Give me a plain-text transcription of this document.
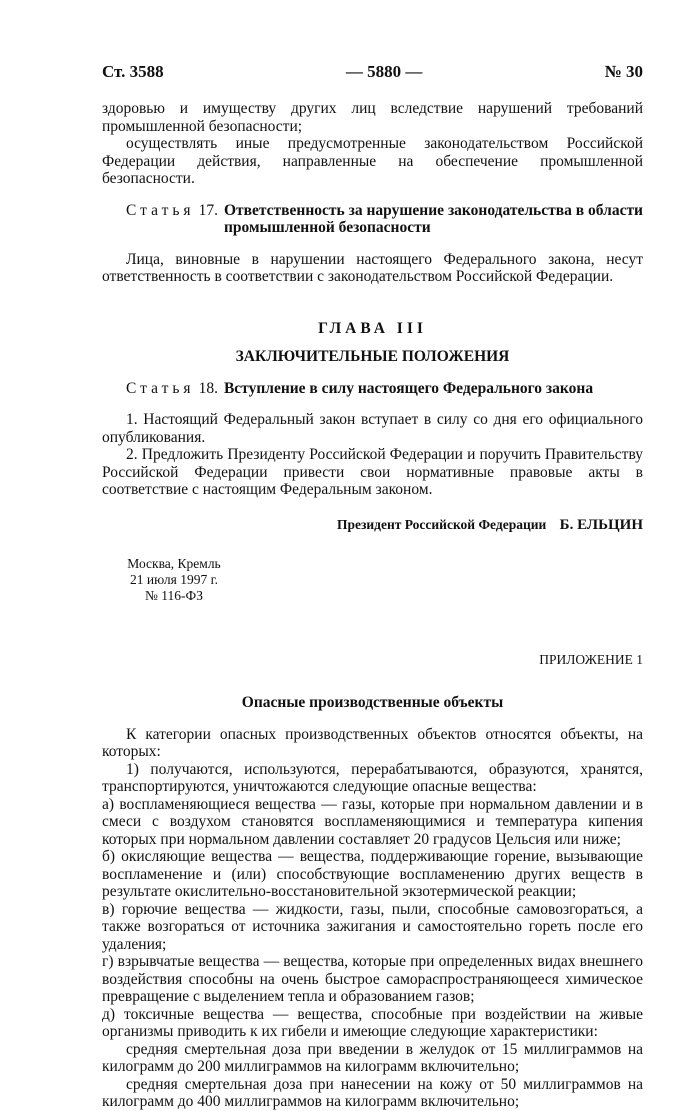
Ст. 3588	— 5880 —	№ 30

здоровью и имуществу других лиц вследствие нарушений требований промышленной безопасности;

осуществлять иные предусмотренные законодательством Российской Федерации действия, направленные на обеспечение промышленной безопасности.

Статья 17. Ответственность за нарушение законодательства в области промышленной безопасности

Лица, виновные в нарушении настоящего Федерального закона, несут ответственность в соответствии с законодательством Российской Федерации.

ГЛАВА III
ЗАКЛЮЧИТЕЛЬНЫЕ ПОЛОЖЕНИЯ
Статья 18. Вступление в силу настоящего Федерального закона

1. Настоящий Федеральный закон вступает в силу со дня его официального опубликования.

2. Предложить Президенту Российской Федерации и поручить Правительству Российской Федерации привести свои нормативные правовые акты в соответствие с настоящим Федеральным законом.

Президент Российской Федерации Б. ЕЛЬЦИН
Москва, Кремль
21 июля 1997 г.
№ 116-ФЗ
ПРИЛОЖЕНИЕ 1
Опасные производственные объекты

К категории опасных производственных объектов относятся объекты, на которых:

1) получаются, используются, перерабатываются, образуются, хранятся, транспортируются, уничтожаются следующие опасные вещества:

а) воспламеняющиеся вещества — газы, которые при нормальном давлении и в смеси с воздухом становятся воспламеняющимися и температура кипения которых при нормальном давлении составляет 20 градусов Цельсия или ниже;

б) окисляющие вещества — вещества, поддерживающие горение, вызывающие воспламенение и (или) способствующие воспламенению других веществ в результате окислительно-восстановительной экзотермической реакции;

в) горючие вещества — жидкости, газы, пыли, способные самовозгораться, а также возгораться от источника зажигания и самостоятельно гореть после его удаления;

г) взрывчатые вещества — вещества, которые при определенных видах внешнего воздействия способны на очень быстрое самораспространяющееся химическое превращение с выделением тепла и образованием газов;

д) токсичные вещества — вещества, способные при воздействии на живые организмы приводить к их гибели и имеющие следующие характеристики:

средняя смертельная доза при введении в желудок от 15 миллиграммов на килограмм до 200 миллиграммов на килограмм включительно;

средняя смертельная доза при нанесении на кожу от 50 миллиграммов на килограмм до 400 миллиграммов на килограмм включительно;
